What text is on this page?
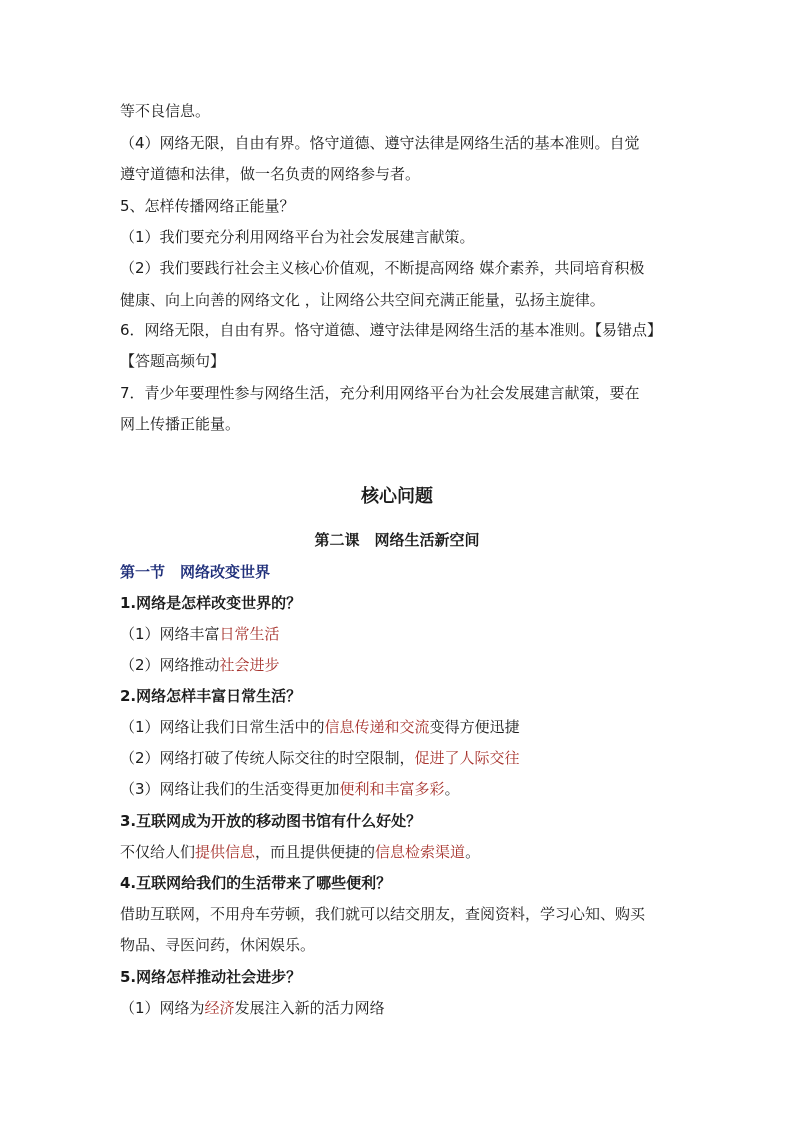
等不良信息。
（4）网络无限，自由有界。恪守道德、遵守法律是网络生活的基本准则。自觉
遵守道德和法律，做一名负责的网络参与者。
5、怎样传播网络正能量？
（1）我们要充分利用网络平台为社会发展建言献策。
（2）我们要践行社会主义核心价值观，不断提高网络 媒介素养，共同培育积极
健康、向上向善的网络文化 ，让网络公共空间充满正能量，弘扬主旋律。
6．网络无限，自由有界。恪守道德、遵守法律是网络生活的基本准则。【易错点】
【答题高频句】
7．青少年要理性参与网络生活，充分利用网络平台为社会发展建言献策，要在
网上传播正能量。
核心问题
第二课　网络生活新空间
第一节　网络改变世界
1.网络是怎样改变世界的？
（1）网络丰富日常生活
（2）网络推动社会进步
2.网络怎样丰富日常生活？
（1）网络让我们日常生活中的信息传递和交流变得方便迅捷
（2）网络打破了传统人际交往的时空限制，促进了人际交往
（3）网络让我们的生活变得更加便利和丰富多彩。
3.互联网成为开放的移动图书馆有什么好处？
不仅给人们提供信息，而且提供便捷的信息检索渠道。
4.互联网给我们的生活带来了哪些便利？
借助互联网，不用舟车劳顿，我们就可以结交朋友，查阅资料，学习心知、购买
物品、寻医问药，休闲娱乐。
5.网络怎样推动社会进步？
（1）网络为经济发展注入新的活力网络
